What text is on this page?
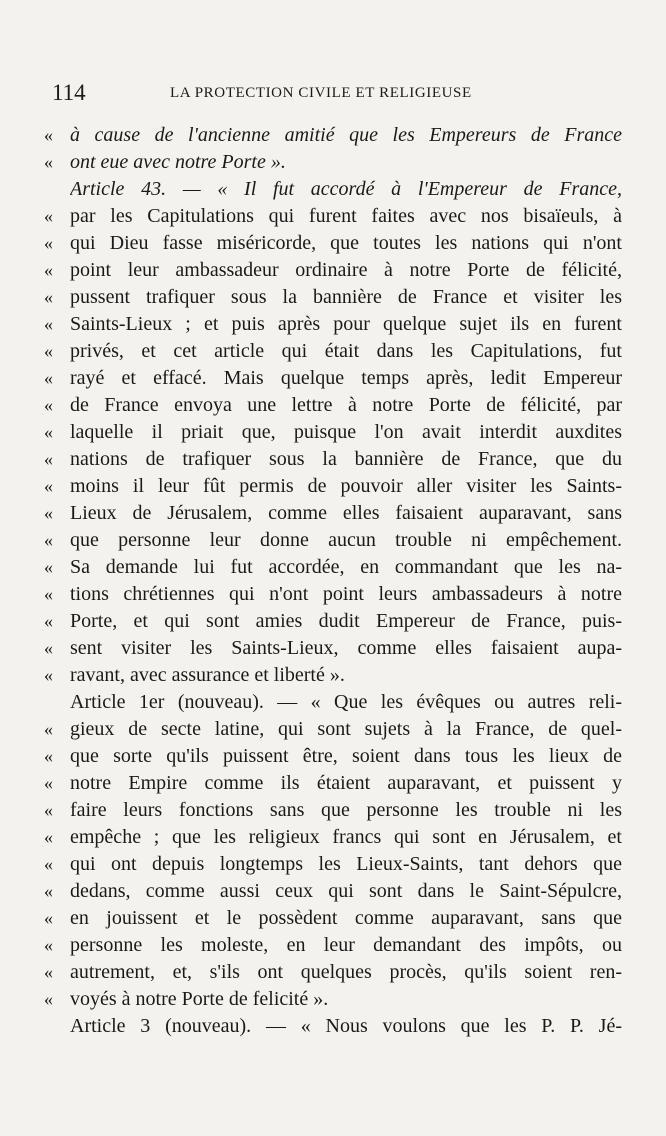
114	LA PROTECTION CIVILE ET RELIGIEUSE
« à cause de l'ancienne amitié que les Empereurs de France
« ont eue avec notre Porte ».
Article 43. — « Il fut accordé à l'Empereur de France,
« par les Capitulations qui furent faites avec nos bisaïeuls, à
« qui Dieu fasse miséricorde, que toutes les nations qui n'ont
« point leur ambassadeur ordinaire à notre Porte de félicité,
« pussent trafiquer sous la bannière de France et visiter les
« Saints-Lieux ; et puis après pour quelque sujet ils en furent
« privés, et cet article qui était dans les Capitulations, fut
« rayé et effacé. Mais quelque temps après, ledit Empereur
« de France envoya une lettre à notre Porte de félicité, par
« laquelle il priait que, puisque l'on avait interdit auxdites
« nations de trafiquer sous la bannière de France, que du
« moins il leur fût permis de pouvoir aller visiter les Saints-
« Lieux de Jérusalem, comme elles faisaient auparavant, sans
« que personne leur donne aucun trouble ni empêchement.
« Sa demande lui fut accordée, en commandant que les na-
« tions chrétiennes qui n'ont point leurs ambassadeurs à notre
« Porte, et qui sont amies dudit Empereur de France, puis-
« sent visiter les Saints-Lieux, comme elles faisaient aupa-
« ravant, avec assurance et liberté ».
Article 1er (nouveau). — « Que les évêques ou autres reli-
« gieux de secte latine, qui sont sujets à la France, de quel-
« que sorte qu'ils puissent être, soient dans tous les lieux de
« notre Empire comme ils étaient auparavant, et puissent y
« faire leurs fonctions sans que personne les trouble ni les
« empêche ; que les religieux francs qui sont en Jérusalem, et
« qui ont depuis longtemps les Lieux-Saints, tant dehors que
« dedans, comme aussi ceux qui sont dans le Saint-Sépulcre,
« en jouissent et le possèdent comme auparavant, sans que
« personne les moleste, en leur demandant des impôts, ou
« autrement, et, s'ils ont quelques procès, qu'ils soient ren-
« voyés à notre Porte de felicité ».
Article 3 (nouveau). — « Nous voulons que les P. P. Jé-
